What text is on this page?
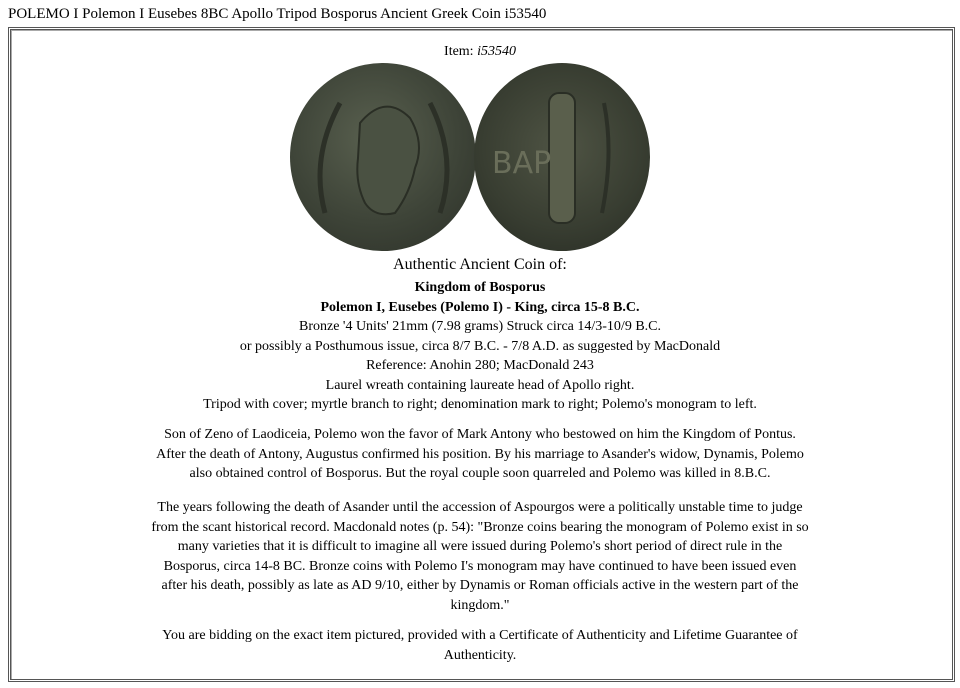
POLEMO I Polemon I Eusebes 8BC Apollo Tripod Bosporus Ancient Greek Coin i53540
Item: i53540
ΒΑΡ
Authentic Ancient Coin of:
Kingdom of Bosporus
Polemon I, Eusebes (Polemo I) - King, circa 15-8 B.C.
Bronze '4 Units' 21mm (7.98 grams) Struck circa 14/3-10/9 B.C.
or possibly a Posthumous issue, circa 8/7 B.C. - 7/8 A.D. as suggested by MacDonald
Reference: Anohin 280; MacDonald 243
Laurel wreath containing laureate head of Apollo right.
Tripod with cover; myrtle branch to right; denomination mark to right; Polemo's monogram to left.
Son of Zeno of Laodiceia, Polemo won the favor of Mark Antony who bestowed on him the Kingdom of Pontus. After the death of Antony, Augustus confirmed his position. By his marriage to Asander's widow, Dynamis, Polemo also obtained control of Bosporus. But the royal couple soon quarreled and Polemo was killed in 8.B.C.
The years following the death of Asander until the accession of Aspourgos were a politically unstable time to judge from the scant historical record. Macdonald notes (p. 54): "Bronze coins bearing the monogram of Polemo exist in so many varieties that it is difficult to imagine all were issued during Polemo's short period of direct rule in the Bosporus, circa 14-8 BC. Bronze coins with Polemo I's monogram may have continued to have been issued even after his death, possibly as late as AD 9/10, either by Dynamis or Roman officials active in the western part of the kingdom."
You are bidding on the exact item pictured, provided with a Certificate of Authenticity and Lifetime Guarantee of Authenticity.
